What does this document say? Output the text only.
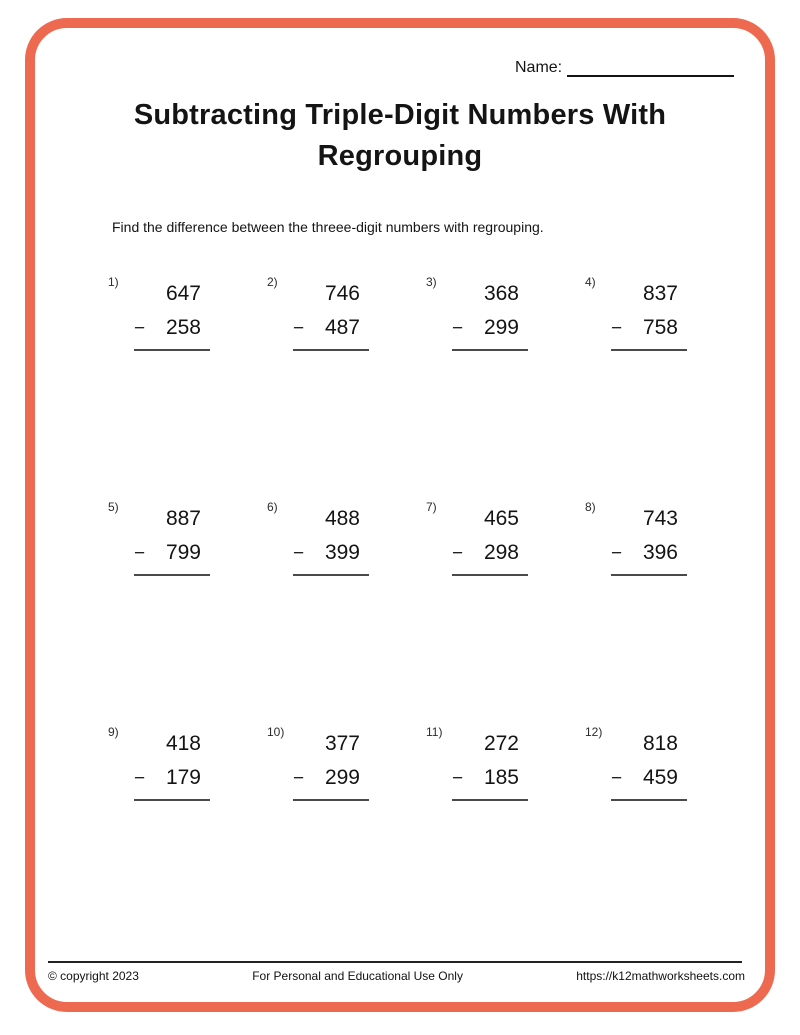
Name:
Subtracting Triple-Digit Numbers With
Regrouping
Find the difference between the threee-digit numbers with regrouping.
1)	647
− 258
2)	746
− 487
3)	368
− 299
4)	837
− 758
5)	887
− 799
6)	488
− 399
7)	465
− 298
8)	743
− 396
9)	418
− 179
10)	377
− 299
11)	272
− 185
12)	818
− 459
© copyright 2023	For Personal and Educational Use Only	https://k12mathworksheets.com
